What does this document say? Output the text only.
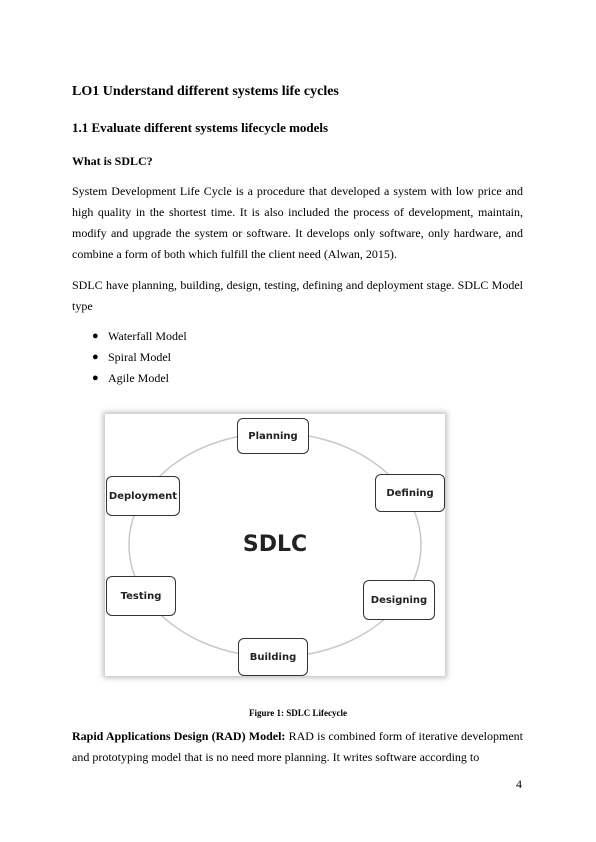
LO1 Understand different systems life cycles
1.1 Evaluate different systems lifecycle models
What is SDLC?

System Development Life Cycle is a procedure that developed a system with low price and high quality in the shortest time. It is also included the process of development, maintain, modify and upgrade the system or software. It develops only software, only hardware, and combine a form of both which fulfill the client need (Alwan, 2015).

SDLC have planning, building, design, testing, defining and deployment stage. SDLC Model type

● Waterfall Model
● Spiral Model
● Agile Model
SDLC
Planning
Defining
Designing
Building
Testing
Deployment
Figure 1: SDLC Lifecycle

Rapid Applications Design (RAD) Model: RAD is combined form of iterative development and prototyping model that is no need more planning. It writes software according to

4
